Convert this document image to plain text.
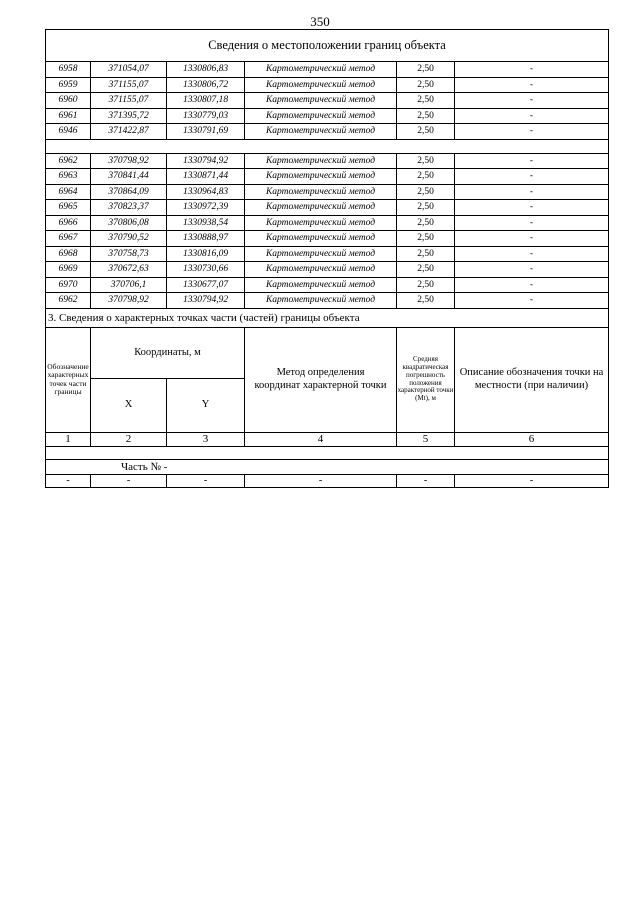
350
Сведения о местоположении границ объекта					
6958	371054,07	1330806,83	Картометрический метод	2,50	-
6959	371155,07	1330806,72	Картометрический метод	2,50	-
6960	371155,07	1330807,18	Картометрический метод	2,50	-
6961	371395,72	1330779,03	Картометрический метод	2,50	-
6946	371422,87	1330791,69	Картометрический метод	2,50	-

6962	370798,92	1330794,92	Картометрический метод	2,50	-
6963	370841,44	1330871,44	Картометрический метод	2,50	-
6964	370864,09	1330964,83	Картометрический метод	2,50	-
6965	370823,37	1330972,39	Картометрический метод	2,50	-
6966	370806,08	1330938,54	Картометрический метод	2,50	-
6967	370790,52	1330888,97	Картометрический метод	2,50	-
6968	370758,73	1330816,09	Картометрический метод	2,50	-
6969	370672,63	1330730,66	Картометрический метод	2,50	-
6970	370706,1	1330677,07	Картометрический метод	2,50	-
6962	370798,92	1330794,92	Картометрический метод	2,50	-
3. Сведения о характерных точках части (частей) границы объекта					
Обозначение характерных точек части границы	Координаты, м		Метод определения координат характерной точки	Средняя квадратическая погрешность положения характерной точки (Мt), м	Описание обозначения точки на местности (при наличии)
	X	Y			
1	2	3	4	5	6

Часть № -					
-	-	-	-	-	-
